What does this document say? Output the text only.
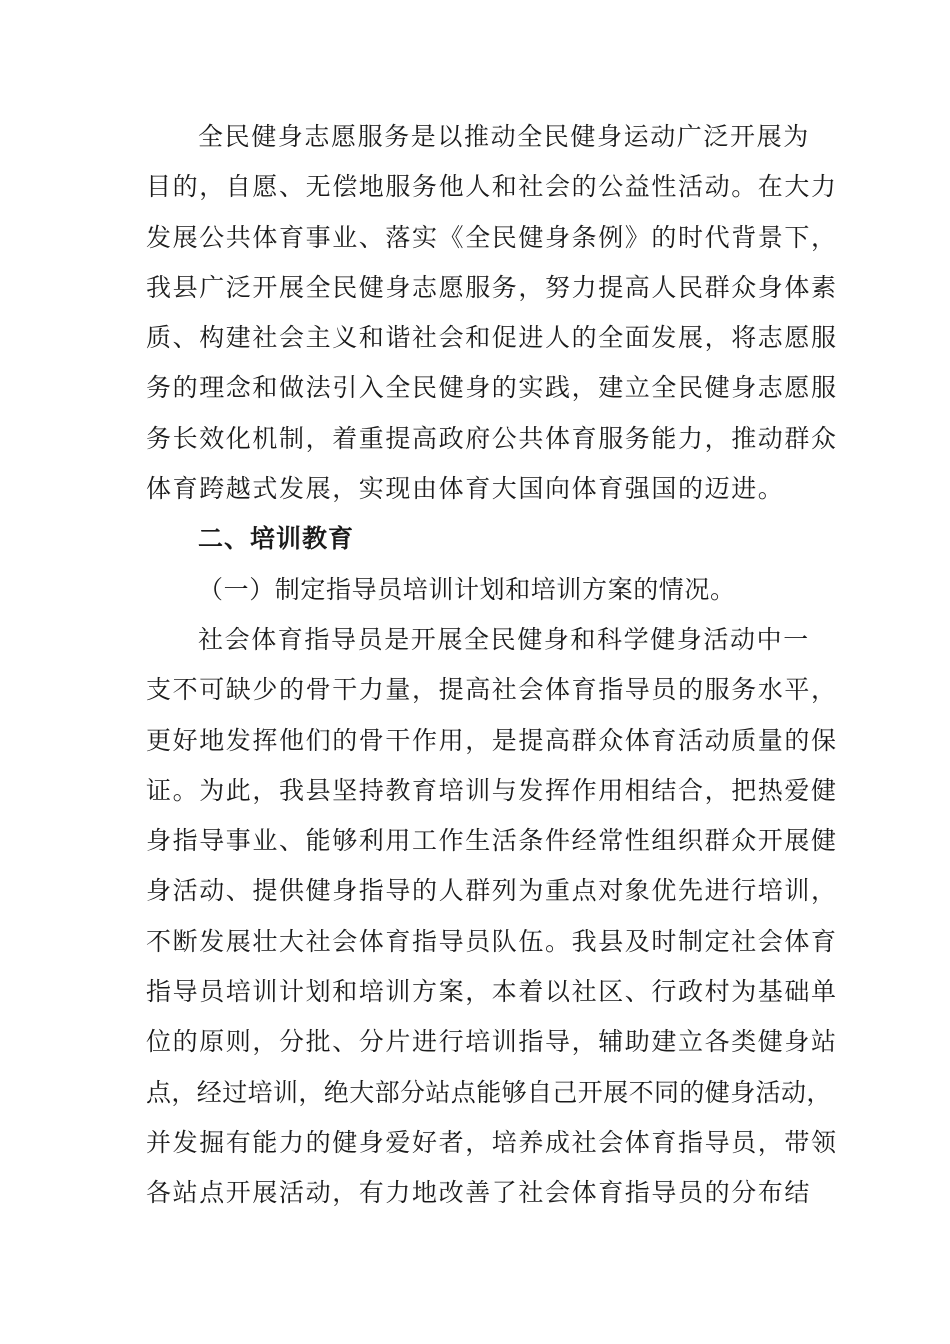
全民健身志愿服务是以推动全民健身运动广泛开展为
目的，自愿、无偿地服务他人和社会的公益性活动。在大力
发展公共体育事业、落实《全民健身条例》的时代背景下，
我县广泛开展全民健身志愿服务，努力提高人民群众身体素
质、构建社会主义和谐社会和促进人的全面发展，将志愿服
务的理念和做法引入全民健身的实践，建立全民健身志愿服
务长效化机制，着重提高政府公共体育服务能力，推动群众
体育跨越式发展，实现由体育大国向体育强国的迈进。
二、培训教育
（一）制定指导员培训计划和培训方案的情况。
社会体育指导员是开展全民健身和科学健身活动中一
支不可缺少的骨干力量，提高社会体育指导员的服务水平，
更好地发挥他们的骨干作用，是提高群众体育活动质量的保
证。为此，我县坚持教育培训与发挥作用相结合，把热爱健
身指导事业、能够利用工作生活条件经常性组织群众开展健
身活动、提供健身指导的人群列为重点对象优先进行培训，
不断发展壮大社会体育指导员队伍。我县及时制定社会体育
指导员培训计划和培训方案，本着以社区、行政村为基础单
位的原则，分批、分片进行培训指导，辅助建立各类健身站
点，经过培训，绝大部分站点能够自己开展不同的健身活动，
并发掘有能力的健身爱好者，培养成社会体育指导员，带领
各站点开展活动，有力地改善了社会体育指导员的分布结
